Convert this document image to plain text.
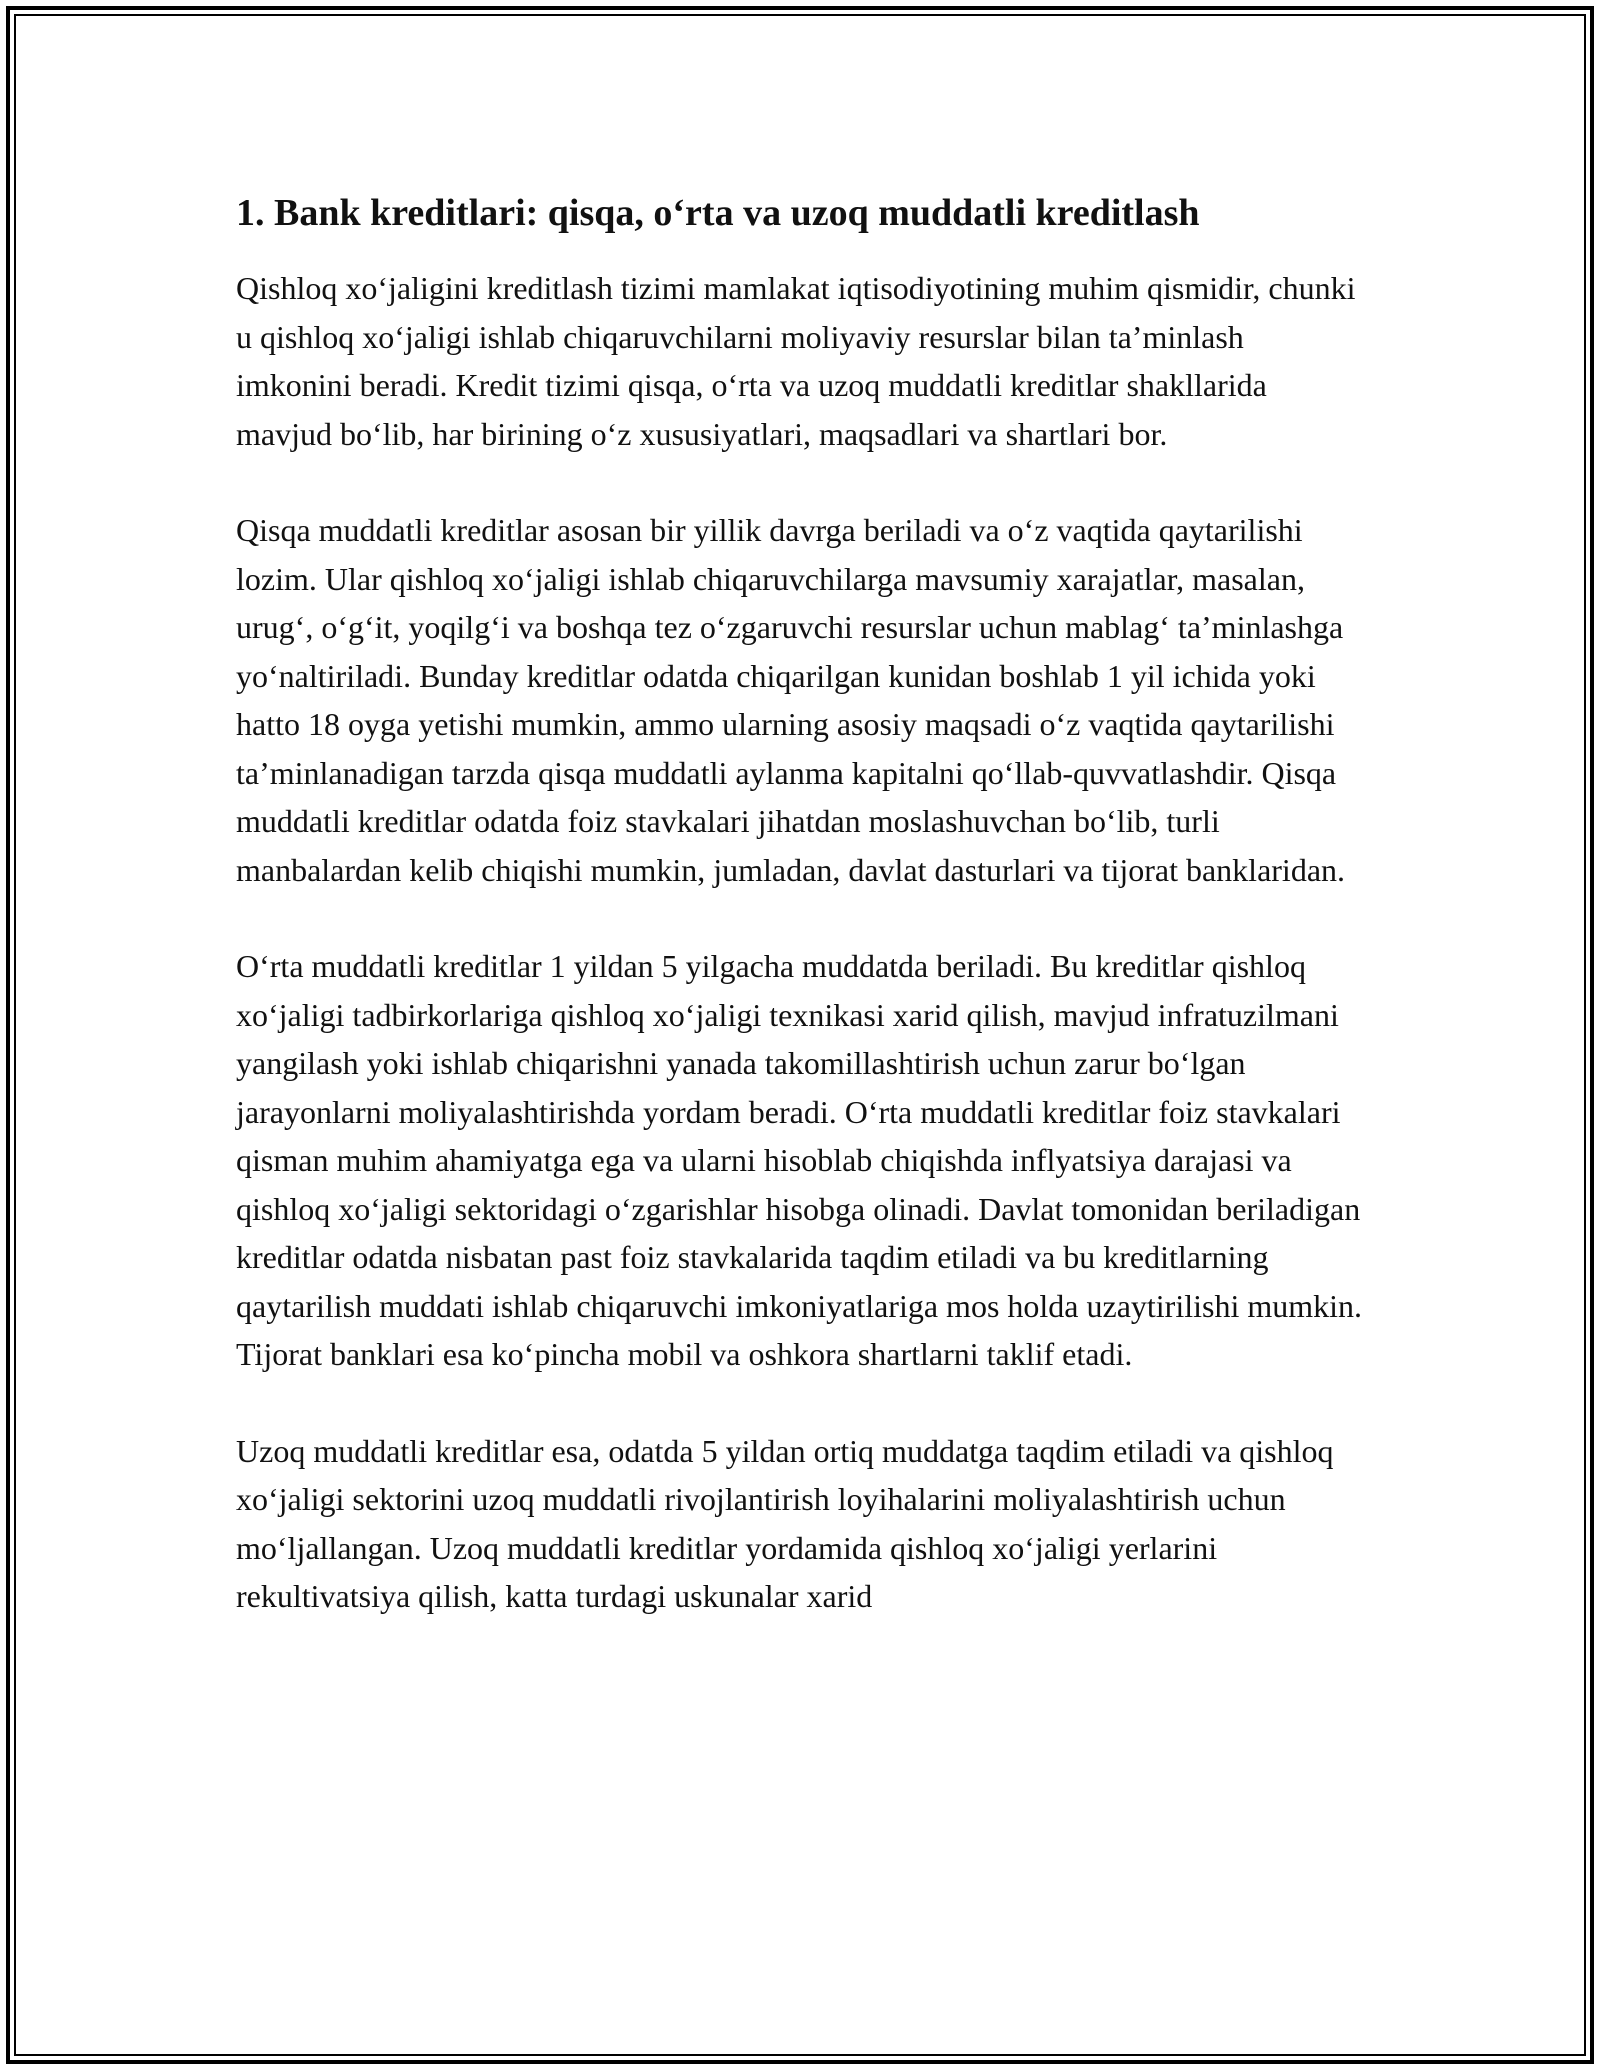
1. Bank kreditlari: qisqa, o‘rta va uzoq muddatli kreditlash

Qishloq xo‘jaligini kreditlash tizimi mamlakat iqtisodiyotining muhim qismidir, chunki u qishloq xo‘jaligi ishlab chiqaruvchilarni moliyaviy resurslar bilan ta’minlash imkonini beradi. Kredit tizimi qisqa, o‘rta va uzoq muddatli kreditlar shakllarida mavjud bo‘lib, har birining o‘z xususiyatlari, maqsadlari va shartlari bor.

Qisqa muddatli kreditlar asosan bir yillik davrga beriladi va o‘z vaqtida qaytarilishi lozim. Ular qishloq xo‘jaligi ishlab chiqaruvchilarga mavsumiy xarajatlar, masalan, urug‘, o‘g‘it, yoqilg‘i va boshqa tez o‘zgaruvchi resurslar uchun mablag‘ ta’minlashga yo‘naltiriladi. Bunday kreditlar odatda chiqarilgan kunidan boshlab 1 yil ichida yoki hatto 18 oyga yetishi mumkin, ammo ularning asosiy maqsadi o‘z vaqtida qaytarilishi ta’minlanadigan tarzda qisqa muddatli aylanma kapitalni qo‘llab-quvvatlashdir. Qisqa muddatli kreditlar odatda foiz stavkalari jihatdan moslashuvchan bo‘lib, turli manbalardan kelib chiqishi mumkin, jumladan, davlat dasturlari va tijorat banklaridan.

O‘rta muddatli kreditlar 1 yildan 5 yilgacha muddatda beriladi. Bu kreditlar qishloq xo‘jaligi tadbirkorlariga qishloq xo‘jaligi texnikasi xarid qilish, mavjud infratuzilmani yangilash yoki ishlab chiqarishni yanada takomillashtirish uchun zarur bo‘lgan jarayonlarni moliyalashtirishda yordam beradi. O‘rta muddatli kreditlar foiz stavkalari qisman muhim ahamiyatga ega va ularni hisoblab chiqishda inflyatsiya darajasi va qishloq xo‘jaligi sektoridagi o‘zgarishlar hisobga olinadi. Davlat tomonidan beriladigan kreditlar odatda nisbatan past foiz stavkalarida taqdim etiladi va bu kreditlarning qaytarilish muddati ishlab chiqaruvchi imkoniyatlariga mos holda uzaytirilishi mumkin. Tijorat banklari esa ko‘pincha mobil va oshkora shartlarni taklif etadi.

Uzoq muddatli kreditlar esa, odatda 5 yildan ortiq muddatga taqdim etiladi va qishloq xo‘jaligi sektorini uzoq muddatli rivojlantirish loyihalarini moliyalashtirish uchun mo‘ljallangan. Uzoq muddatli kreditlar yordamida qishloq xo‘jaligi yerlarini rekultivatsiya qilish, katta turdagi uskunalar xarid
